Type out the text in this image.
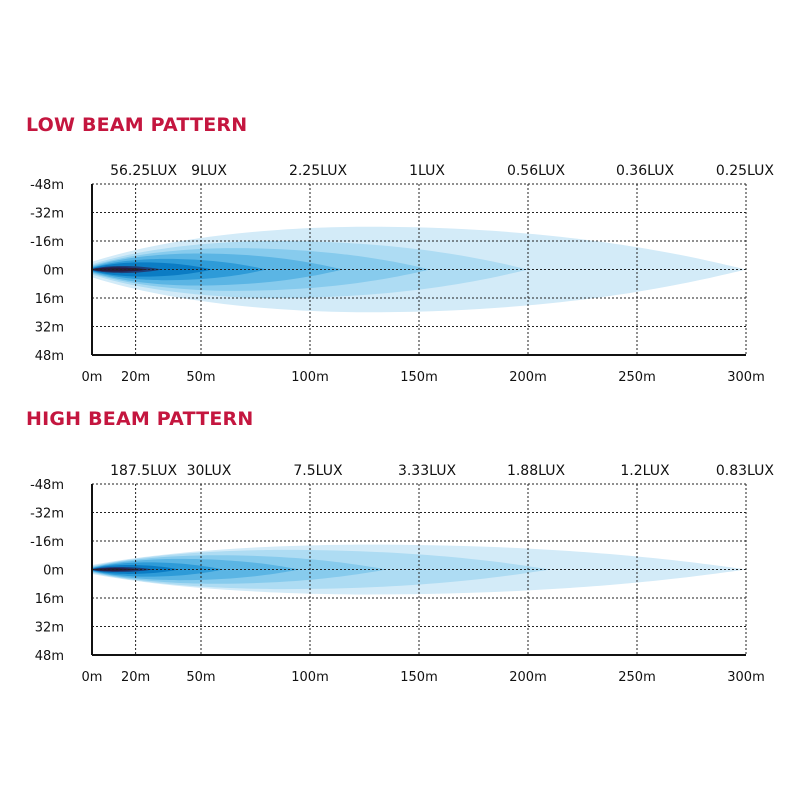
LOW BEAM PATTERN
-48m
-32m
-16m
0m
16m
32m
48m
0m 20m	50m	100m	150m	200m	250m	300m
56.25LUX 9LUX	2.25LUX	1LUX	0.56LUX	0.36LUX	0.25LUX
HIGH BEAM PATTERN
-48m
-32m
-16m
0m
16m
32m
48m
0m 20m	50m	100m	150m	200m	250m	300m
187.5LUX 30LUX	7.5LUX	3.33LUX	1.88LUX	1.2LUX	0.83LUX
